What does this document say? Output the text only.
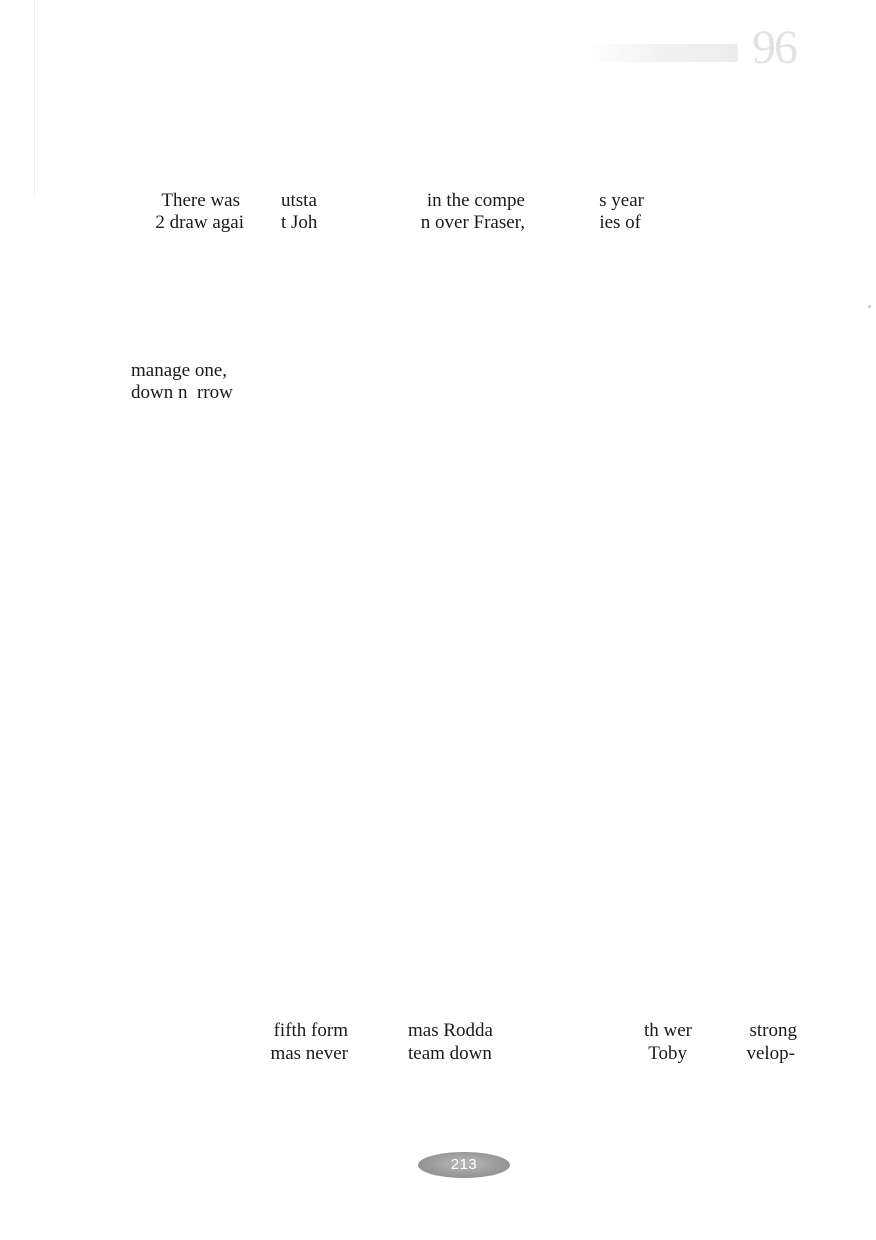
96
There was
2 draw agai
utsta
t Joh
in the compe
n over Fraser,
s year
ies of
manage one,
down n  rrow
fifth form
mas never
mas Rodda
team down
th wer
Toby
strong
velop-
213
